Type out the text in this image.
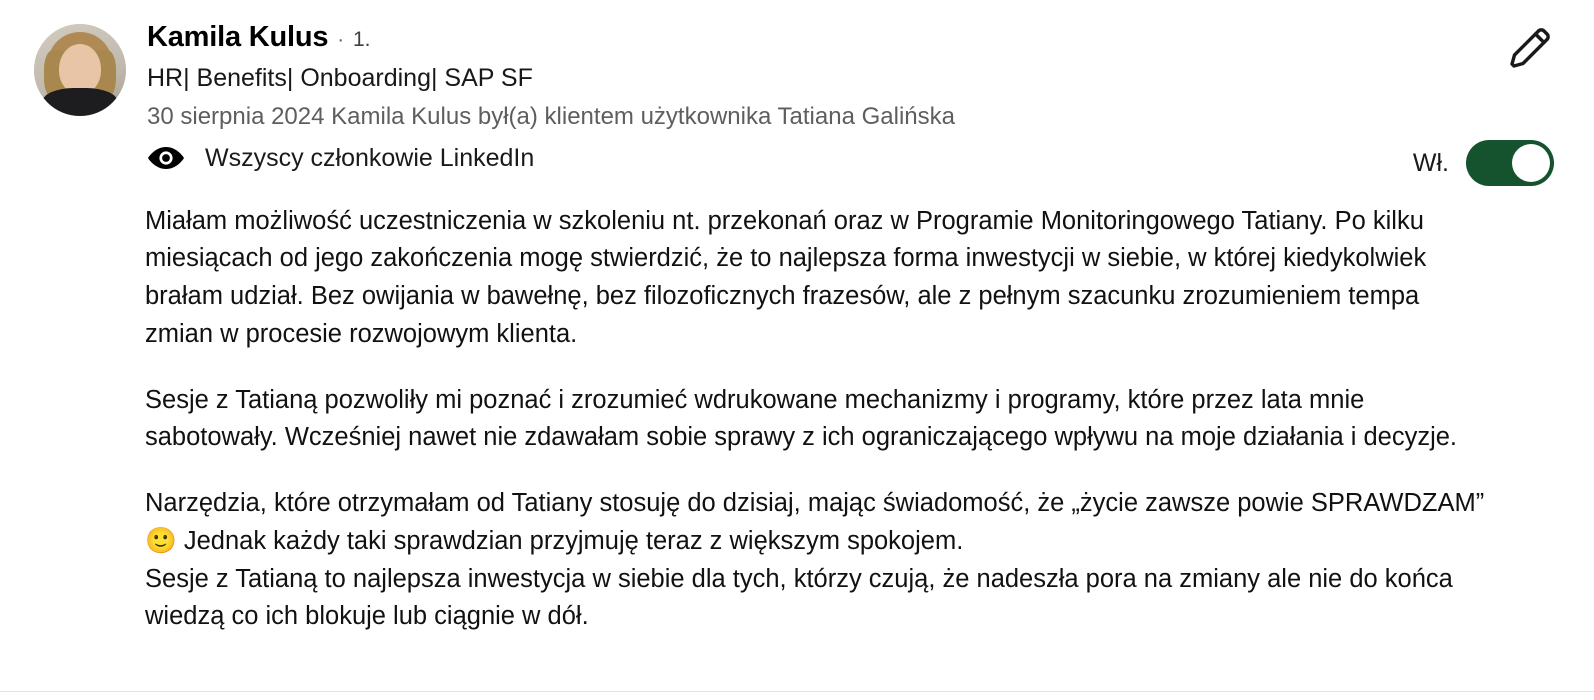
Kamila Kulus · 1.
HR| Benefits| Onboarding| SAP SF
30 sierpnia 2024 Kamila Kulus był(a) klientem użytkownika Tatiana Galińska
Wszyscy członkowie LinkedIn	Wł.

Miałam możliwość uczestniczenia w szkoleniu nt. przekonań oraz w Programie Monitoringowego Tatiany. Po kilku miesiącach od jego zakończenia mogę stwierdzić, że to najlepsza forma inwestycji w siebie, w której kiedykolwiek brałam udział. Bez owijania w bawełnę, bez filozoficznych frazesów, ale z pełnym szacunku zrozumieniem tempa zmian w procesie rozwojowym klienta.

Sesje z Tatianą pozwoliły mi poznać i zrozumieć wdrukowane mechanizmy i programy, które przez lata mnie sabotowały. Wcześniej nawet nie zdawałam sobie sprawy z ich ograniczającego wpływu na moje działania i decyzje.

Narzędzia, które otrzymałam od Tatiany stosuję do dzisiaj, mając świadomość, że „życie zawsze powie SPRAWDZAM” 🙂 Jednak każdy taki sprawdzian przyjmuję teraz z większym spokojem.

Sesje z Tatianą to najlepsza inwestycja w siebie dla tych, którzy czują, że nadeszła pora na zmiany ale nie do końca wiedzą co ich blokuje lub ciągnie w dół.
